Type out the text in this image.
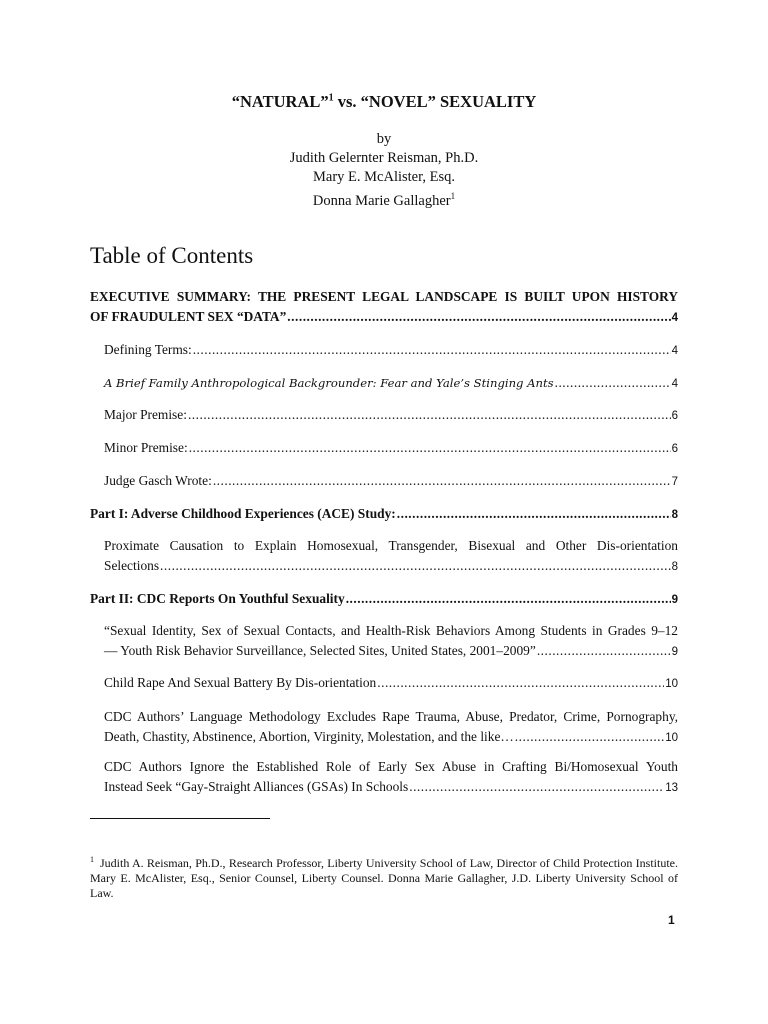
“NATURAL”$^1$ vs. “NOVEL” SEXUALITY
by
Judith Gelernter Reisman, Ph.D.
Mary E. McAlister, Esq.
Donna Marie Gallagher$^1$
Table of Contents
EXECUTIVE SUMMARY: THE PRESENT LEGAL LANDSCAPE IS BUILT UPON HISTORY
OF FRAUDULENT SEX “DATA” .....	4
Defining Terms: .....	4
A Brief Family Anthropological Backgrounder: Fear and Yale’s Stinging Ants .....	4
Major Premise: .....	6
Minor Premise: .....	6
Judge Gasch Wrote: .....	7
Part I: Adverse Childhood Experiences (ACE) Study: .....	8
Proximate Causation to Explain Homosexual, Transgender, Bisexual and Other Dis-orientation
Selections .....	8
Part II: CDC Reports On Youthful Sexuality .....	9
“Sexual Identity, Sex of Sexual Contacts, and Health-Risk Behaviors Among Students in Grades 9–12
— Youth Risk Behavior Surveillance, Selected Sites, United States, 2001–2009” .....	9
Child Rape And Sexual Battery By Dis-orientation .....	10
CDC Authors’ Language Methodology Excludes Rape Trauma, Abuse, Predator, Crime, Pornography,
Death, Chastity, Abstinence, Abortion, Virginity, Molestation, and the like… .....	10
CDC Authors Ignore the Established Role of Early Sex Abuse in Crafting Bi/Homosexual Youth
Instead Seek “Gay-Straight Alliances (GSAs) In Schools .....	13
$^1$ Judith A. Reisman, Ph.D., Research Professor, Liberty University School of Law, Director of Child Protection Institute. Mary E. McAlister, Esq., Senior Counsel, Liberty Counsel. Donna Marie Gallagher, J.D. Liberty University School of Law.
1
